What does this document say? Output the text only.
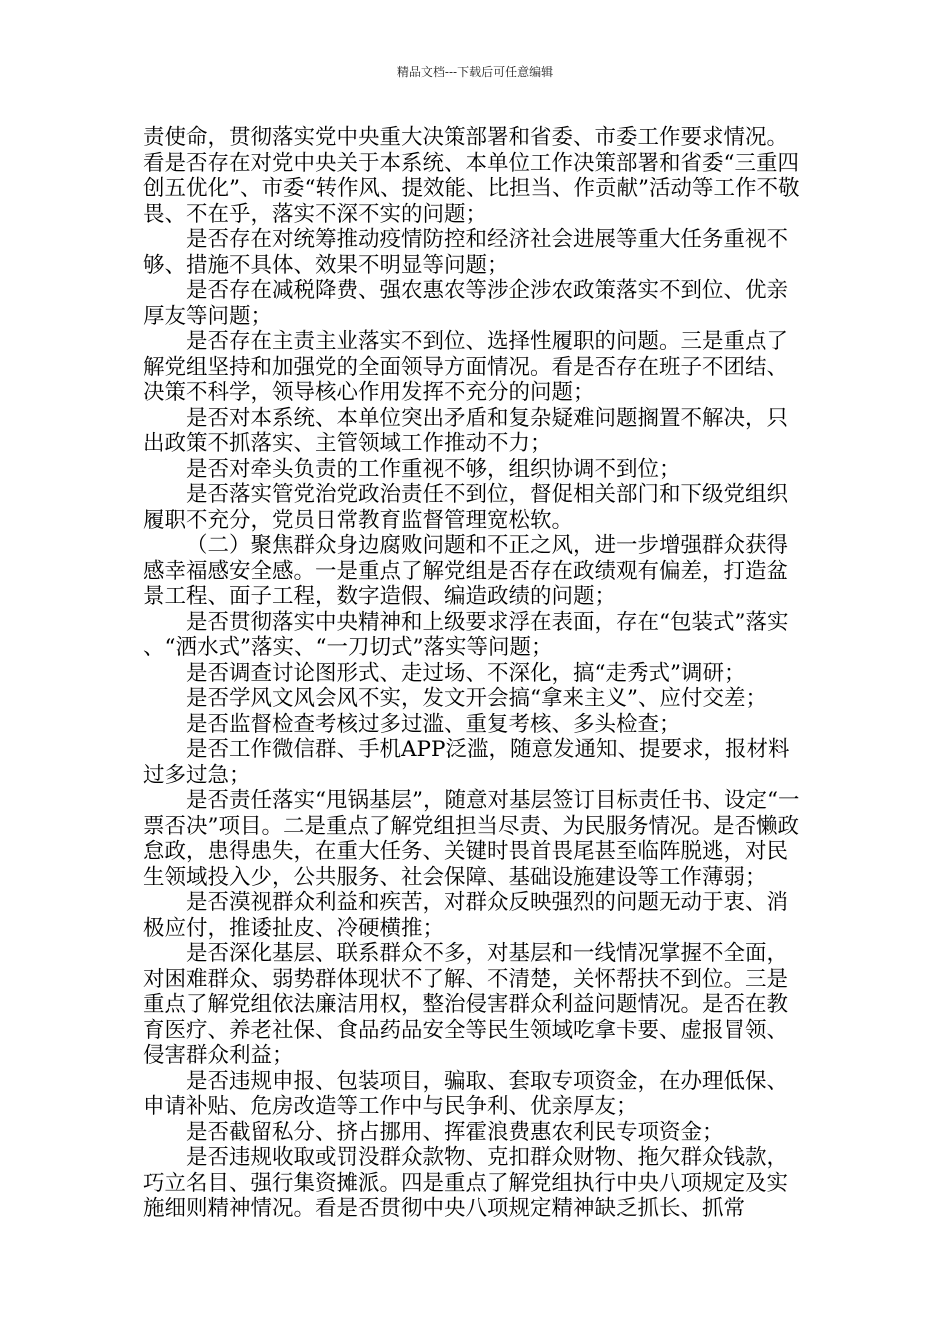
精品文档---下载后可任意编辑

责使命，贯彻落实党中央重大决策部署和省委、市委工作要求情况。看是否存在对党中央关于本系统、本单位工作决策部署和省委“三重四创五优化”、市委“转作风、提效能、比担当、作贡献”活动等工作不敬畏、不在乎，落实不深不实的问题；

是否存在对统筹推动疫情防控和经济社会进展等重大任务重视不够、措施不具体、效果不明显等问题；

是否存在减税降费、强农惠农等涉企涉农政策落实不到位、优亲厚友等问题；

是否存在主责主业落实不到位、选择性履职的问题。三是重点了解党组坚持和加强党的全面领导方面情况。看是否存在班子不团结、决策不科学，领导核心作用发挥不充分的问题；

是否对本系统、本单位突出矛盾和复杂疑难问题搁置不解决，只出政策不抓落实、主管领域工作推动不力；

是否对牵头负责的工作重视不够，组织协调不到位；

是否落实管党治党政治责任不到位，督促相关部门和下级党组织履职不充分，党员日常教育监督管理宽松软。

（二）聚焦群众身边腐败问题和不正之风，进一步增强群众获得感幸福感安全感。一是重点了解党组是否存在政绩观有偏差，打造盆景工程、面子工程，数字造假、编造政绩的问题；

是否贯彻落实中央精神和上级要求浮在表面，存在“包装式”落实、“洒水式”落实、“一刀切式”落实等问题；

是否调查讨论图形式、走过场、不深化，搞“走秀式”调研；

是否学风文风会风不实，发文开会搞“拿来主义”、应付交差；

是否监督检查考核过多过滥、重复考核、多头检查；

是否工作微信群、手机APP泛滥，随意发通知、提要求，报材料过多过急；

是否责任落实“甩锅基层”，随意对基层签订目标责任书、设定“一票否决”项目。二是重点了解党组担当尽责、为民服务情况。是否懒政怠政，患得患失，在重大任务、关键时畏首畏尾甚至临阵脱逃，对民生领域投入少，公共服务、社会保障、基础设施建设等工作薄弱；

是否漠视群众利益和疾苦，对群众反映强烈的问题无动于衷、消极应付，推诿扯皮、冷硬横推；

是否深化基层、联系群众不多，对基层和一线情况掌握不全面，对困难群众、弱势群体现状不了解、不清楚，关怀帮扶不到位。三是重点了解党组依法廉洁用权，整治侵害群众利益问题情况。是否在教育医疗、养老社保、食品药品安全等民生领域吃拿卡要、虚报冒领、侵害群众利益；

是否违规申报、包装项目，骗取、套取专项资金，在办理低保、申请补贴、危房改造等工作中与民争利、优亲厚友；

是否截留私分、挤占挪用、挥霍浪费惠农利民专项资金；

是否违规收取或罚没群众款物、克扣群众财物、拖欠群众钱款，巧立名目、强行集资摊派。四是重点了解党组执行中央八项规定及实施细则精神情况。看是否贯彻中央八项规定精神缺乏抓长、抓常
